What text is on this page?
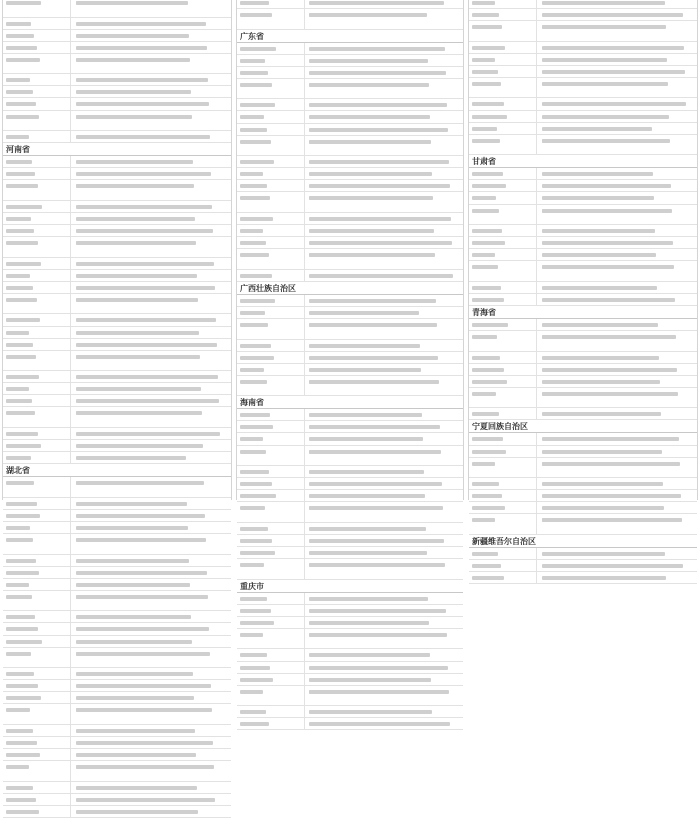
河南省
湖北省
广东省
广西壮族自治区
海南省
重庆市
甘肃省
青海省
宁夏回族自治区
新疆维吾尔自治区
